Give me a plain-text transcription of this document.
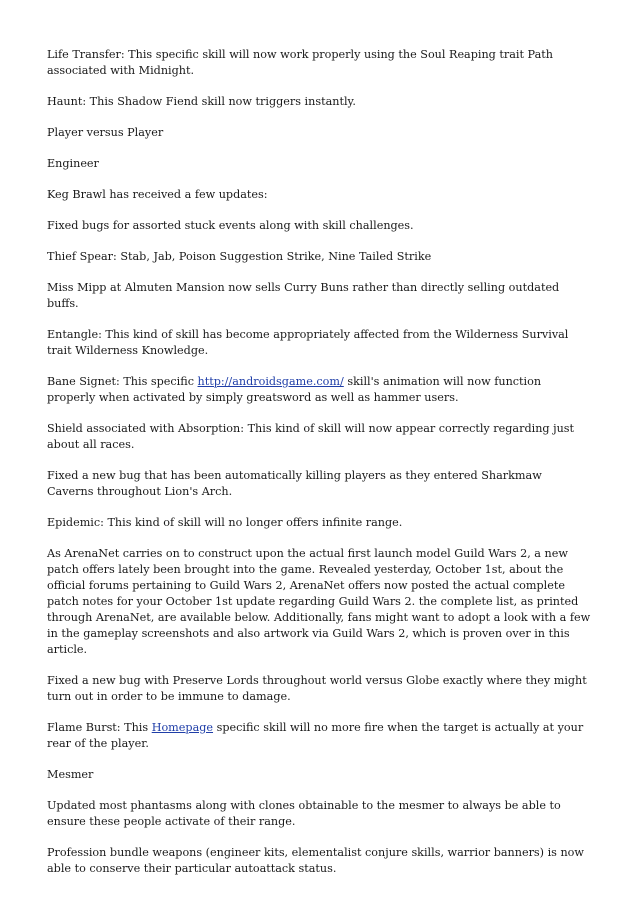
Life Transfer: This specific skill will now work properly using the Soul Reaping trait Path associated with Midnight.

Haunt: This Shadow Fiend skill now triggers instantly.

Player versus Player

Engineer

Keg Brawl has received a few updates:

Fixed bugs for assorted stuck events along with skill challenges.

Thief Spear: Stab, Jab, Poison Suggestion Strike, Nine Tailed Strike

Miss Mipp at Almuten Mansion now sells Curry Buns rather than directly selling outdated buffs.

Entangle: This kind of skill has become appropriately affected from the Wilderness Survival trait Wilderness Knowledge.

Bane Signet: This specific http://androidsgame.com/ skill's animation will now function properly when activated by simply greatsword as well as hammer users.

Shield associated with Absorption: This kind of skill will now appear correctly regarding just about all races.

Fixed a new bug that has been automatically killing players as they entered Sharkmaw Caverns throughout Lion's Arch.

Epidemic: This kind of skill will no longer offers infinite range.

As ArenaNet carries on to construct upon the actual first launch model Guild Wars 2, a new patch offers lately been brought into the game. Revealed yesterday, October 1st, about the official forums pertaining to Guild Wars 2, ArenaNet offers now posted the actual complete patch notes for your October 1st update regarding Guild Wars 2. the complete list, as printed through ArenaNet, are available below. Additionally, fans might want to adopt a look with a few in the gameplay screenshots and also artwork via Guild Wars 2, which is proven over in this article.

Fixed a new bug with Preserve Lords throughout world versus Globe exactly where they might turn out in order to be immune to damage.

Flame Burst: This Homepage specific skill will no more fire when the target is actually at your rear of the player.

Mesmer

Updated most phantasms along with clones obtainable to the mesmer to always be able to ensure these people activate of their range.

Profession bundle weapons (engineer kits, elementalist conjure skills, warrior banners) is now able to conserve their particular autoattack status.
